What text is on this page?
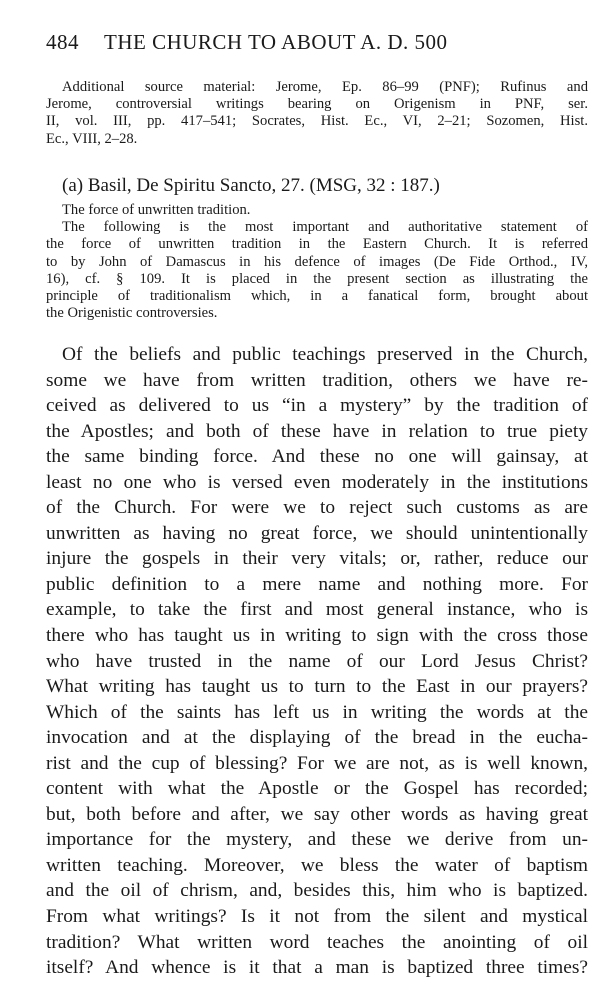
484 THE CHURCH TO ABOUT A. D. 500
Additional source material: Jerome, Ep. 86–99 (PNF); Rufinus and
Jerome, controversial writings bearing on Origenism in PNF, ser.
II, vol. III, pp. 417–541; Socrates, Hist. Ec., VI, 2–21; Sozomen, Hist.
Ec., VIII, 2–28.
(a) Basil, De Spiritu Sancto, 27. (MSG, 32 : 187.)
The force of unwritten tradition.
The following is the most important and authoritative statement of
the force of unwritten tradition in the Eastern Church. It is referred
to by John of Damascus in his defence of images (De Fide Orthod., IV,
16), cf. § 109. It is placed in the present section as illustrating the
principle of traditionalism which, in a fanatical form, brought about
the Origenistic controversies.
Of the beliefs and public teachings preserved in the Church,
some we have from written tradition, others we have re-
ceived as delivered to us “in a mystery” by the tradition of
the Apostles; and both of these have in relation to true piety
the same binding force. And these no one will gainsay, at
least no one who is versed even moderately in the institutions
of the Church. For were we to reject such customs as are
unwritten as having no great force, we should unintentionally
injure the gospels in their very vitals; or, rather, reduce our
public definition to a mere name and nothing more. For
example, to take the first and most general instance, who is
there who has taught us in writing to sign with the cross those
who have trusted in the name of our Lord Jesus Christ?
What writing has taught us to turn to the East in our prayers?
Which of the saints has left us in writing the words at the
invocation and at the displaying of the bread in the eucha-
rist and the cup of blessing? For we are not, as is well known,
content with what the Apostle or the Gospel has recorded;
but, both before and after, we say other words as having great
importance for the mystery, and these we derive from un-
written teaching. Moreover, we bless the water of baptism
and the oil of chrism, and, besides this, him who is baptized.
From what writings? Is it not from the silent and mystical
tradition? What written word teaches the anointing of oil
itself? And whence is it that a man is baptized three times?
